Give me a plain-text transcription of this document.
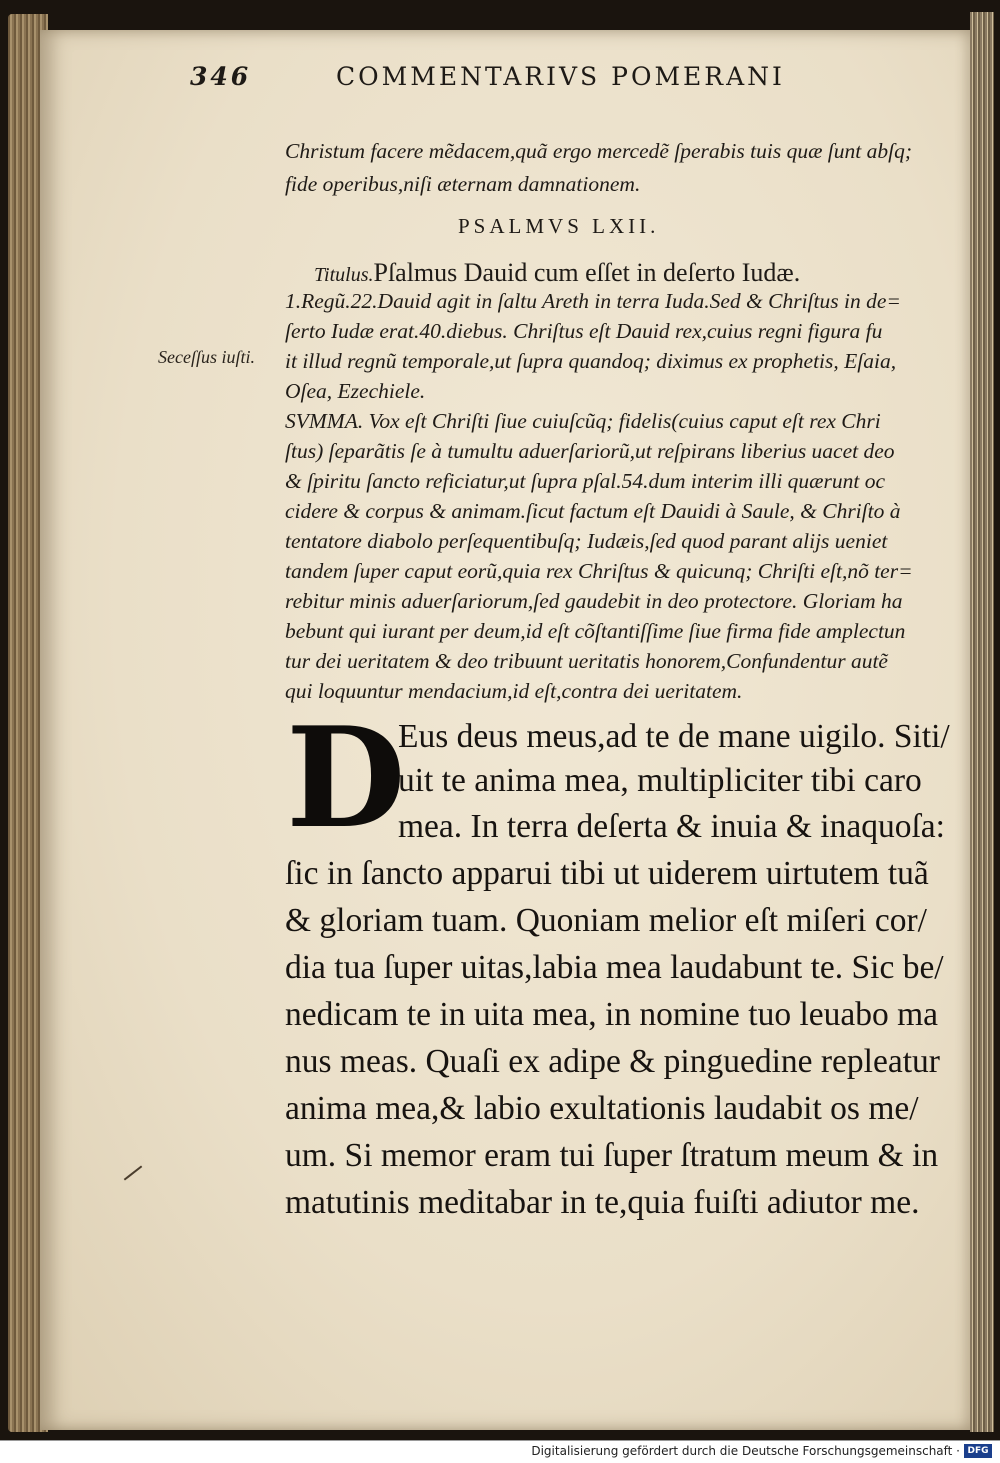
346	COMMENTARIVS POMERANI
Christum facere mẽdacem,quã ergo mercedẽ ſperabis tuis quæ ſunt abſq;
fide operibus,niſi æternam damnationem.
PSALMVS LXII.
Titulus.Pſalmus Dauid cum eſſet in deſerto Iudæ.
Seceſſus iuſti.
1.Regũ.22.Dauid agit in ſaltu Areth in terra Iuda.Sed & Chriſtus in de=
ſerto Iudæ erat.40.diebus. Chriſtus eſt Dauid rex,cuius regni figura fu
it illud regnũ temporale,ut ſupra quandoq; diximus ex prophetis, Eſaia,
Oſea, Ezechiele.
SVMMA. Vox eſt Chriſti ſiue cuiuſcũq; fidelis(cuius caput eſt rex Chri
ſtus) ſeparãtis ſe à tumultu aduerſariorũ,ut reſpirans liberius uacet deo
& ſpiritu ſancto reficiatur,ut ſupra pſal.54.dum interim illi quærunt oc
cidere & corpus & animam.ſicut factum eſt Dauidi à Saule, & Chriſto à
tentatore diabolo perſequentibuſq; Iudæis,ſed quod parant alijs ueniet
tandem ſuper caput eorũ,quia rex Chriſtus & quicunq; Chriſti eſt,nõ ter=
rebitur minis aduerſariorum,ſed gaudebit in deo protectore. Gloriam ha
bebunt qui iurant per deum,id eſt cõſtantiſſime ſiue firma fide amplectun
tur dei ueritatem & deo tribuunt ueritatis honorem,Confundentur autẽ
qui loquuntur mendacium,id eſt,contra dei ueritatem.
D
Eus deus meus,ad te de mane uigilo. Siti/
uit te anima mea, multipliciter tibi caro
mea. In terra deſerta & inuia & inaquoſa:
ſic in ſancto apparui tibi ut uiderem uirtutem tuã
& gloriam tuam. Quoniam melior eſt miſeri cor/
dia tua ſuper uitas,labia mea laudabunt te. Sic be/
nedicam te in uita mea, in nomine tuo leuabo ma
nus meas. Quaſi ex adipe & pinguedine repleatur
anima mea,& labio exultationis laudabit os me/
um. Si memor eram tui ſuper ſtratum meum & in
matutinis meditabar in te,quia fuiſti adiutor me.
Digitalisierung gefördert durch die Deutsche Forschungsgemeinschaft · DFG
